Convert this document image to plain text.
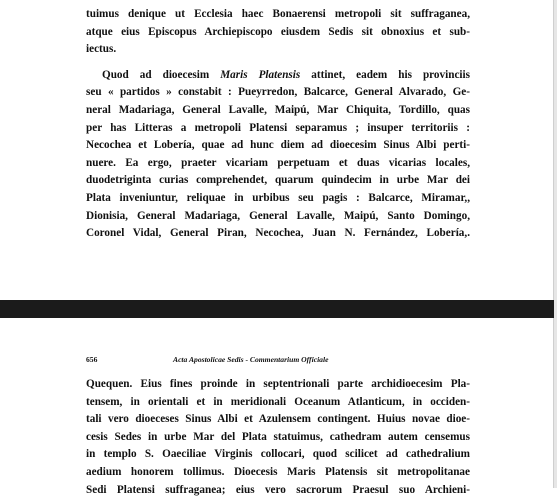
tuimus denique ut Ecclesia haec Bonaerensi metropoli sit suffraganea,
atque eius Episcopus Archiepiscopo eiusdem Sedis sit obnoxius et sub-
iectus.

Quod ad dioecesim Maris Platensis attinet, eadem his provinciis
seu « partidos » constabit : Pueyrredon, Balcarce, General Alvarado, Ge-
neral Madariaga, General Lavalle, Maipú, Mar Chiquita, Tordillo, quas
per has Litteras a metropoli Platensi separamus ; insuper territoriis :
Necochea et Lobería, quae ad hunc diem ad dioecesim Sinus Albi perti-
nuere. Ea ergo, praeter vicariam perpetuam et duas vicarias locales,
duodetriginta curias comprehendet, quarum quindecim in urbe Mar dei
Plata inveniuntur, reliquae in urbibus seu pagis : Balcarce, Miramar,,
Dionisia, General Madariaga, General Lavalle, Maipú, Santo Domingo,
Coronel Vidal, General Piran, Necochea, Juan N. Fernández, Lobería,.

656	Acta Apostolicae Sedis - Commentarium Officiale
Quequen. Eius fines proinde in septentrionali parte archidioecesim Pla-
tensem, in orientali et in meridionali Oceanum Atlanticum, in occiden-
tali vero dioeceses Sinus Albi et Azulensem contingent. Huius novae dioe-
cesis Sedes in urbe Mar del Plata statuimus, cathedram autem censemus
in templo S. Oaeciliae Virginis collocari, quod scilicet ad cathedralium
aedium honorem tollimus. Dioecesis Maris Platensis sit metropolitanae
Sedi Platensi suffraganea; eius vero sacrorum Praesul suo Archieni-
